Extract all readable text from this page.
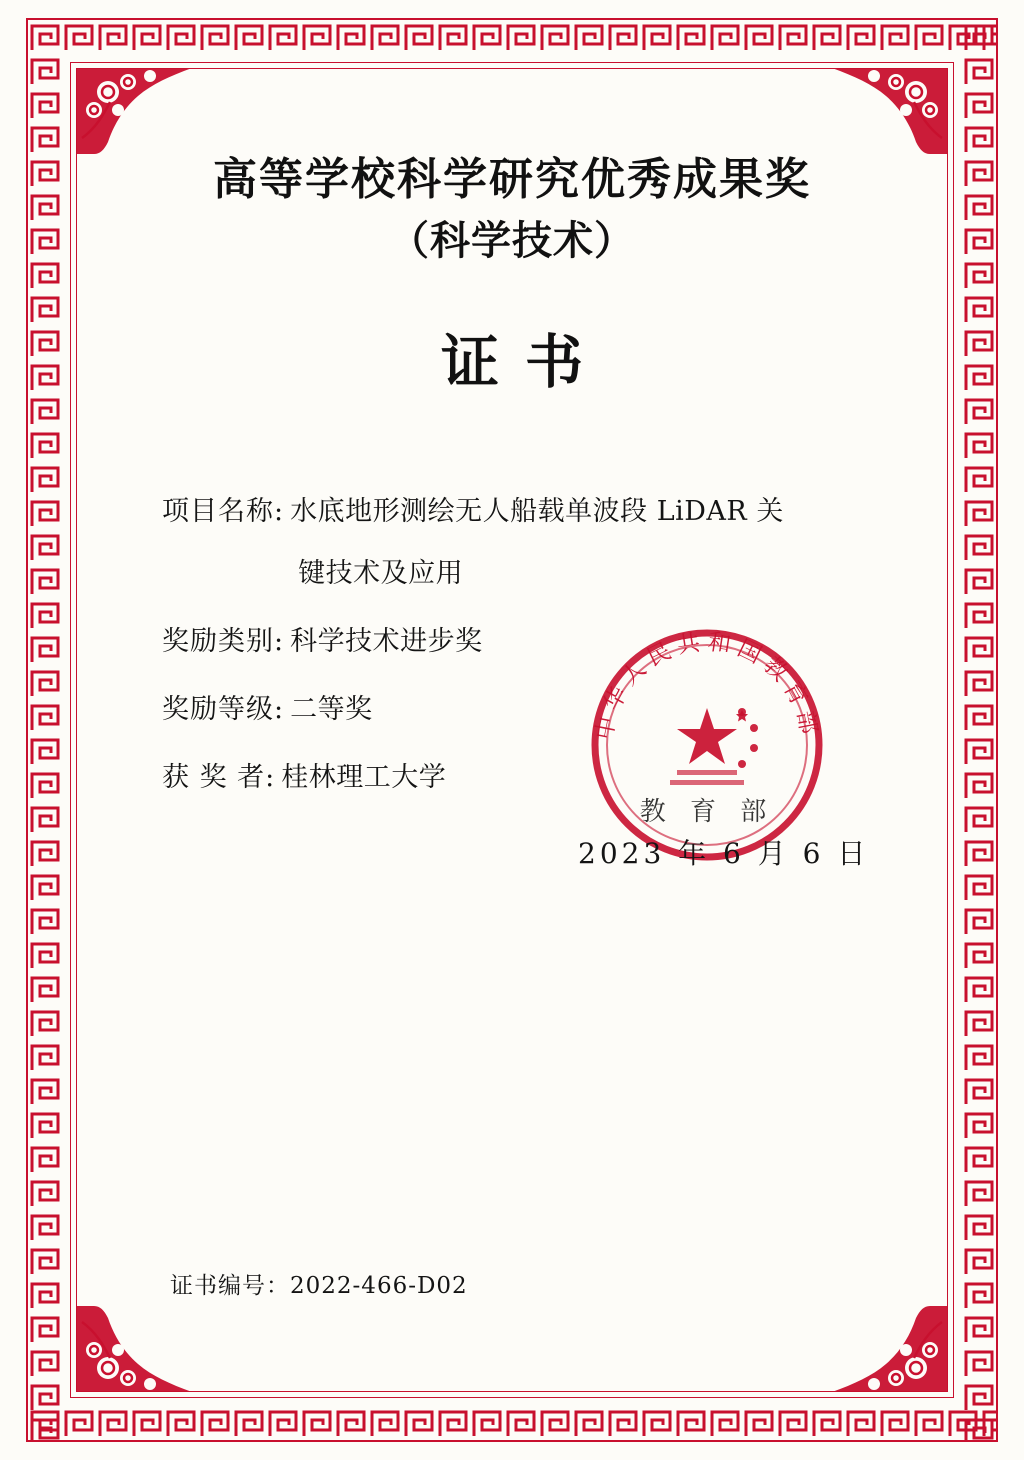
高等学校科学研究优秀成果奖
（科学技术）
证书
项目名称: 水底地形测绘无人船载单波段 LiDAR 关
键技术及应用
奖励类别: 科学技术进步奖
奖励等级: 二等奖
获 奖 者: 桂林理工大学
中华人民共和国教育部
教 育 部
2023 年 6 月 6 日
证书编号：2022-466-D02
